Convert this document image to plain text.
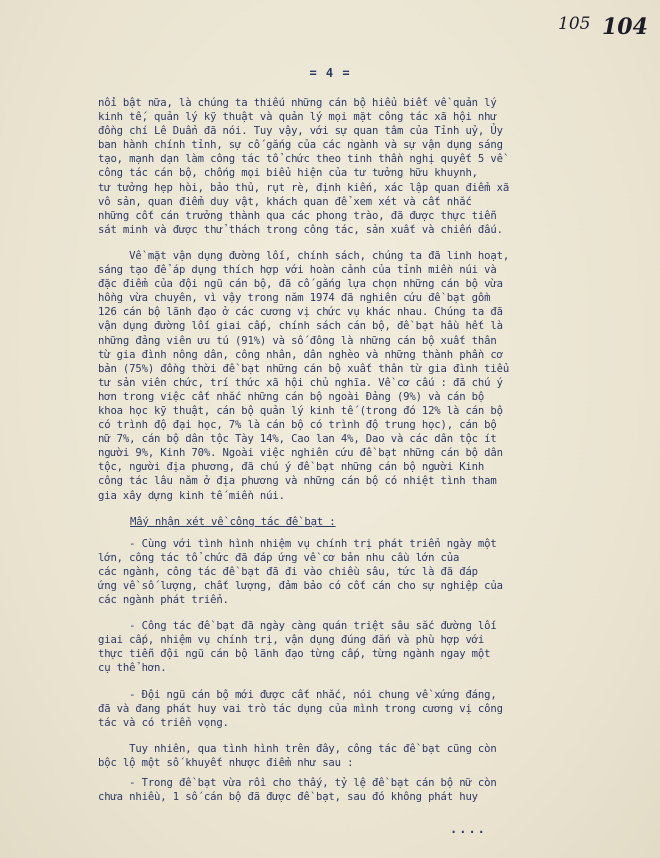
105 104
= 4 =
nổi bật nữa, là chúng ta thiếu những cán bộ hiểu biết về quản lý
kinh tế, quản lý kỹ thuật và quản lý mọi mặt công tác xã hội như
đồng chí Lê Duẩn đã nói. Tuy vậy, với sự quan tâm của Tỉnh uỷ, Ủy
ban hành chính tỉnh, sự cố gắng của các ngành và sự vận dụng sáng
tạo, mạnh dạn làm công tác tổ chức theo tinh thần nghị quyết 5 về
công tác cán bộ, chống mọi biểu hiện của tư tưởng hữu khuynh,
tư tưởng hẹp hòi, bảo thủ, rụt rè, định kiến, xác lập quan điểm xã
vô sản, quan điểm duy vật, khách quan để xem xét và cất nhắc
những cốt cán trưởng thành qua các phong trào, đã được thực tiễn
sát minh và được thử thách trong công tác, sản xuất và chiến đấu.
Về mặt vận dụng đường lối, chính sách, chúng ta đã linh hoạt,
sáng tạo để áp dụng thích hợp với hoàn cảnh của tỉnh miền núi và
đặc điểm của đội ngũ cán bộ, đã cố gắng lựa chọn những cán bộ vừa
hồng vừa chuyên, vì vậy trong năm 1974 đã nghiên cứu đề bạt gồm
126 cán bộ lãnh đạo ở các cương vị chức vụ khác nhau. Chúng ta đã
vận dụng đường lối giai cấp, chính sách cán bộ, đề bạt hầu hết là
những đảng viên ưu tú (91%) và số đông là những cán bộ xuất thân
từ gia đình nông dân, công nhân, dân nghèo và những thành phần cơ
bản (75%) đồng thời đề bạt những cán bộ xuất thân từ gia đình tiểu
tư sản viên chức, trí thức xã hội chủ nghĩa. Về cơ cấu : đã chú ý
hơn trong việc cất nhắc những cán bộ ngoài Đảng (9%) và cán bộ
khoa học kỹ thuật, cán bộ quản lý kinh tế (trong đó 12% là cán bộ
có trình độ đại học, 7% là cán bộ có trình độ trung học), cán bộ
nữ 7%, cán bộ dân tộc Tày 14%, Cao lan 4%, Dao và các dân tộc ít
người 9%, Kinh 70%. Ngoài việc nghiên cứu đề bạt những cán bộ dân
tộc, người địa phương, đã chú ý đề bạt những cán bộ người Kinh
công tác lâu năm ở địa phương và những cán bộ có nhiệt tình tham
gia xây dựng kinh tế miền núi.
Mấy nhận xét về công tác đề bạt :
- Cùng với tình hình nhiệm vụ chính trị phát triển ngày một
lớn, công tác tổ chức đã đáp ứng về cơ bản nhu cầu lớn của
các ngành, công tác đề bạt đã đi vào chiều sâu, tức là đã đáp
ứng về số lượng, chất lượng, đảm bảo có cốt cán cho sự nghiệp của
các ngành phát triển.
- Công tác đề bạt đã ngày càng quán triệt sâu sắc đường lối
giai cấp, nhiệm vụ chính trị, vận dụng đúng đắn và phù hợp với
thực tiễn đội ngũ cán bộ lãnh đạo từng cấp, từng ngành ngay một
cụ thể hơn.
- Đội ngũ cán bộ mới được cất nhắc, nói chung về xứng đáng,
đã và đang phát huy vai trò tác dụng của mình trong cương vị công
tác và có triển vọng.
Tuy nhiên, qua tình hình trên đây, công tác đề bạt cũng còn
bộc lộ một số khuyết nhược điểm như sau :
- Trong đề bạt vừa rồi cho thấy, tỷ lệ đề bạt cán bộ nữ còn
chưa nhiều, 1 số cán bộ đã được đề bạt, sau đó không phát huy
....
